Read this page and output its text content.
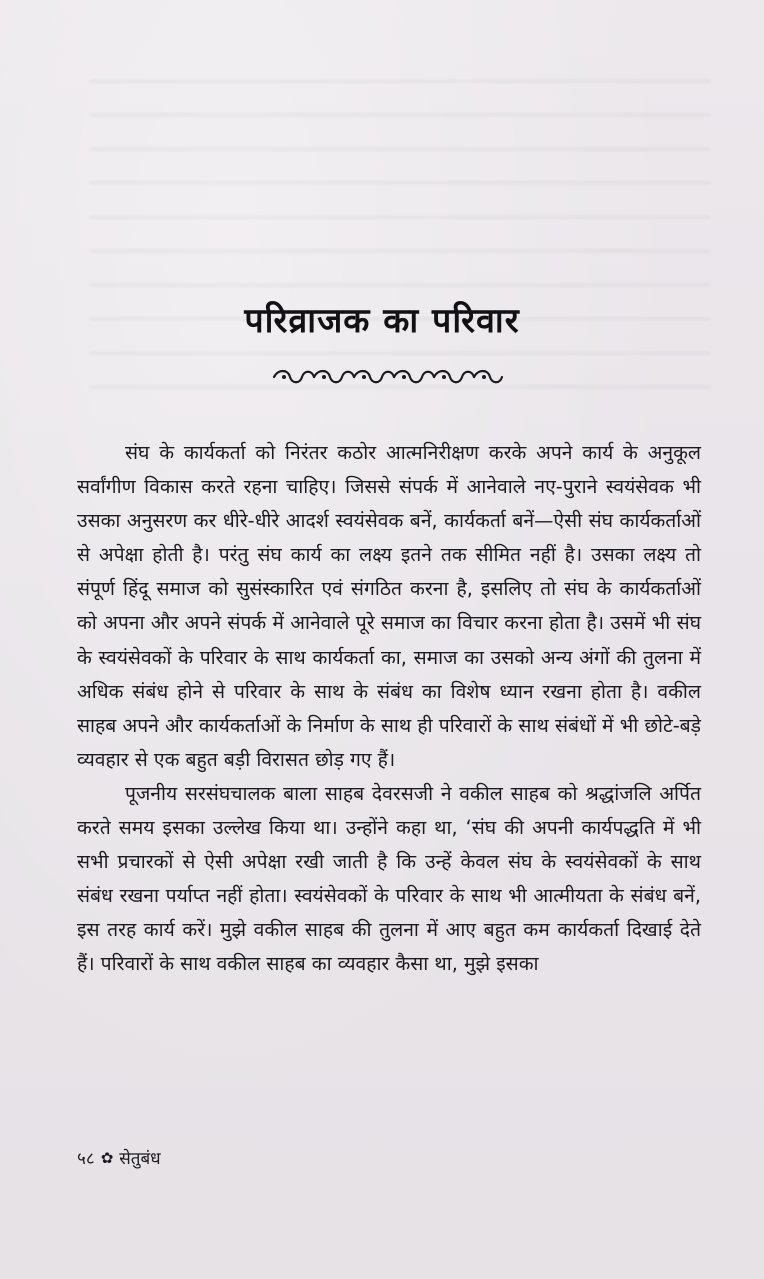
परिव्राजक का परिवार

संघ के कार्यकर्ता को निरंतर कठोर आत्मनिरीक्षण करके अपने कार्य के अनुकूल सर्वांगीण विकास करते रहना चाहिए। जिससे संपर्क में आनेवाले नए-पुराने स्वयंसेवक भी उसका अनुसरण कर धीरे-धीरे आदर्श स्वयंसेवक बनें, कार्यकर्ता बनें—ऐसी संघ कार्यकर्ताओं से अपेक्षा होती है। परंतु संघ कार्य का लक्ष्य इतने तक सीमित नहीं है। उसका लक्ष्य तो संपूर्ण हिंदू समाज को सुसंस्कारित एवं संगठित करना है, इसलिए तो संघ के कार्यकर्ताओं को अपना और अपने संपर्क में आनेवाले पूरे समाज का विचार करना होता है। उसमें भी संघ के स्वयंसेवकों के परिवार के साथ कार्यकर्ता का, समाज का उसको अन्य अंगों की तुलना में अधिक संबंध होने से परिवार के साथ के संबंध का विशेष ध्यान रखना होता है। वकील साहब अपने और कार्यकर्ताओं के निर्माण के साथ ही परिवारों के साथ संबंधों में भी छोटे-बड़े व्यवहार से एक बहुत बड़ी विरासत छोड़ गए हैं।

पूजनीय सरसंघचालक बाला साहब देवरसजी ने वकील साहब को श्रद्धांजलि अर्पित करते समय इसका उल्लेख किया था। उन्होंने कहा था, ‘संघ की अपनी कार्यपद्धति में भी सभी प्रचारकों से ऐसी अपेक्षा रखी जाती है कि उन्हें केवल संघ के स्वयंसेवकों के साथ संबंध रखना पर्याप्त नहीं होता। स्वयंसेवकों के परिवार के साथ भी आत्मीयता के संबंध बनें, इस तरह कार्य करें। मुझे वकील साहब की तुलना में आए बहुत कम कार्यकर्ता दिखाई देते हैं। परिवारों के साथ वकील साहब का व्यवहार कैसा था, मुझे इसका

५८ ✿ सेतुबंध
